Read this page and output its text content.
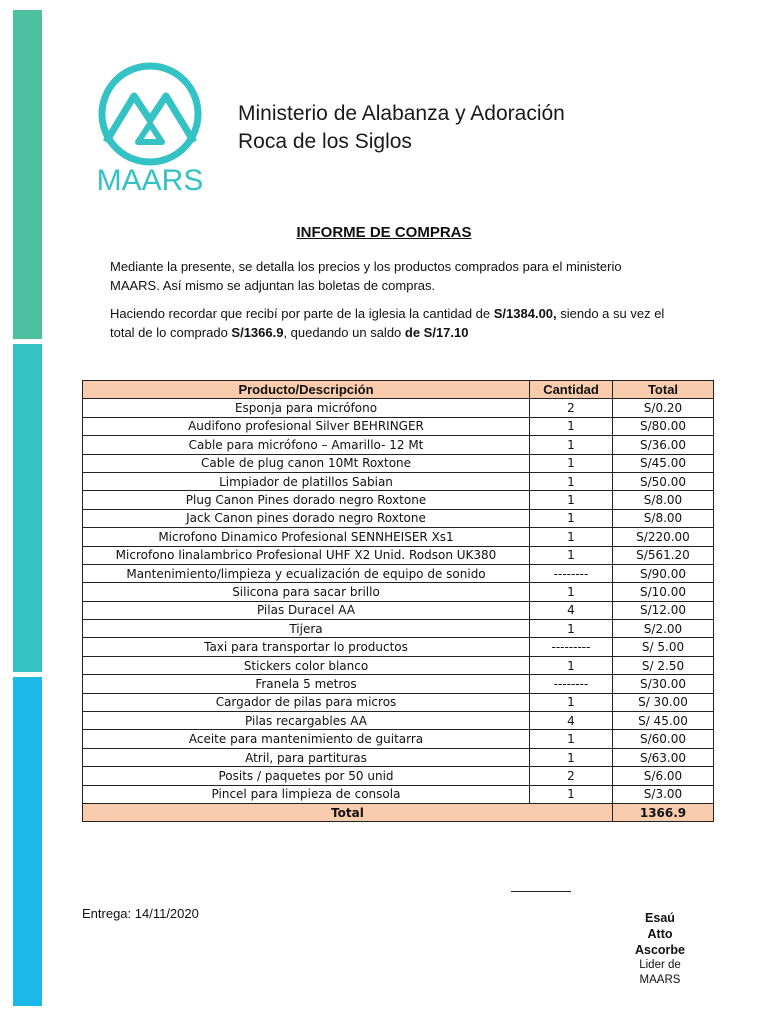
MAARS
Ministerio de Alabanza y Adoración
Roca de los Siglos
INFORME DE COMPRAS
Mediante la presente, se detalla los precios y los productos comprados para el ministerio MAARS. Así mismo se adjuntan las boletas de compras.
Haciendo recordar que recibí por parte de la iglesia la cantidad de S/1384.00, siendo a su vez el total de lo comprado S/1366.9, quedando un saldo de S/17.10
Producto/Descripción	Cantidad	Total
Esponja para micrófono	2	S/0.20
Audifono profesional Silver BEHRINGER	1	S/80.00
Cable para micrófono – Amarillo- 12 Mt	1	S/36.00
Cable de plug canon 10Mt Roxtone	1	S/45.00
Limpiador de platillos Sabian	1	S/50.00
Plug Canon Pines dorado negro Roxtone	1	S/8.00
Jack Canon pines dorado negro Roxtone	1	S/8.00
Microfono Dinamico Profesional SENNHEISER Xs1	1	S/220.00
Microfono Iinalambrico Profesional UHF X2 Unid. Rodson UK380	1	S/561.20
Mantenimiento/limpieza y ecualización de equipo de sonido	--------	S/90.00
Silicona para sacar brillo	1	S/10.00
Pilas Duracel AA	4	S/12.00
Tijera	1	S/2.00
Taxi para transportar lo productos	---------	S/ 5.00
Stickers color blanco	1	S/ 2.50
Franela 5 metros	--------	S/30.00
Cargador de pilas para micros	1	S/ 30.00
Pilas recargables AA	4	S/ 45.00
Aceite para mantenimiento de guitarra	1	S/60.00
Atril, para partituras	1	S/63.00
Posits / paquetes por 50 unid	2	S/6.00
Pincel para limpieza de consola	1	S/3.00
Total		1366.9
Entrega: 14/11/2020	Esaú
Atto
Ascorbe
Lider de
MAARS
